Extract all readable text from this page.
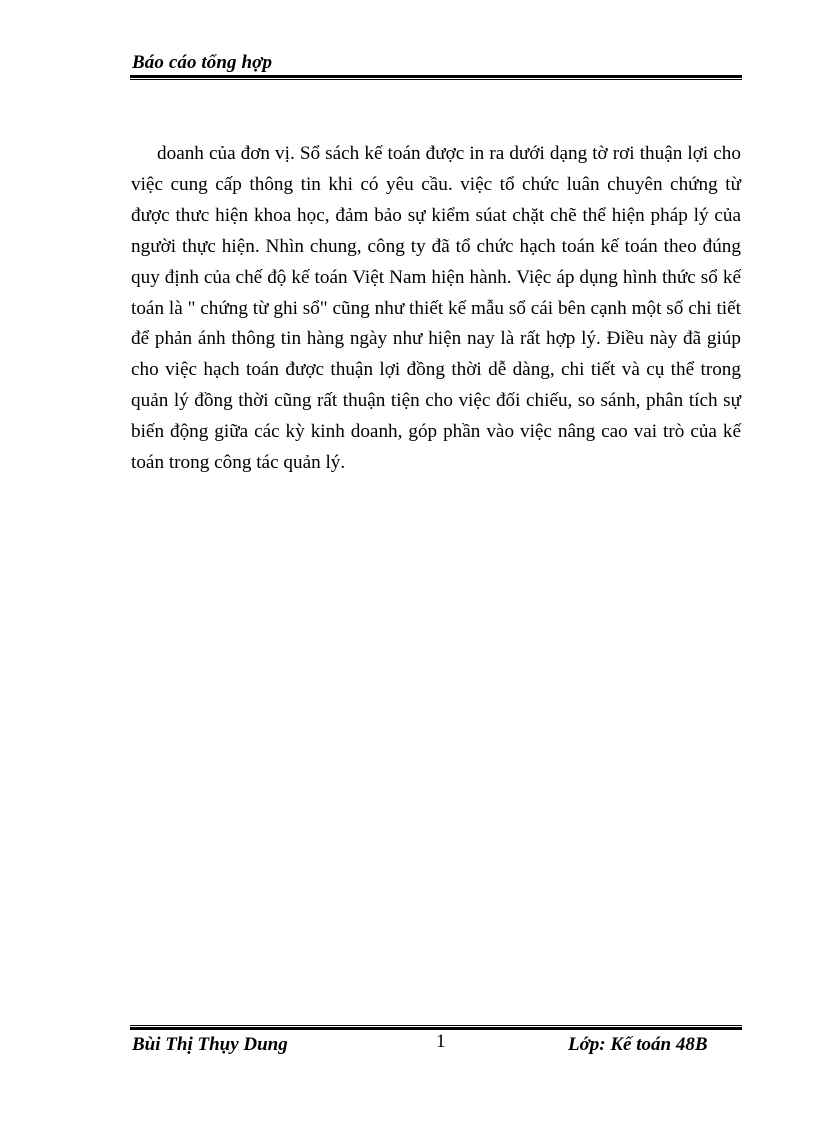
Báo cáo tổng hợp

doanh của đơn vị. Sổ sách kế toán được in ra dưới dạng tờ rơi thuận lợi cho việc cung cấp thông tin khi có yêu cầu. việc tổ chức luân chuyên chứng từ được thưc hiện khoa học, đảm bảo sự kiểm súat chặt chẽ thể hiện pháp lý của người thực hiện. Nhìn chung, công ty đã tổ chức hạch toán kế toán theo đúng quy định của chế độ kế toán Việt Nam hiện hành. Việc áp dụng hình thức sổ kế toán là " chứng từ ghi sổ" cũng như thiết kế mẫu sổ cái bên cạnh một số chi tiết để phản ánh thông tin hàng ngày như hiện nay là rất hợp lý. Điều này đã giúp cho việc hạch toán được thuận lợi đồng thời dễ dàng, chi tiết và cụ thể trong quản lý đồng thời cũng rất thuận tiện cho việc đối chiếu, so sánh, phân tích sự biến động giữa các kỳ kinh doanh, góp phần vào việc nâng cao vai trò của kế toán trong công tác quản lý.

Bùi Thị Thụy Dung	1	Lớp: Kế toán 48B
